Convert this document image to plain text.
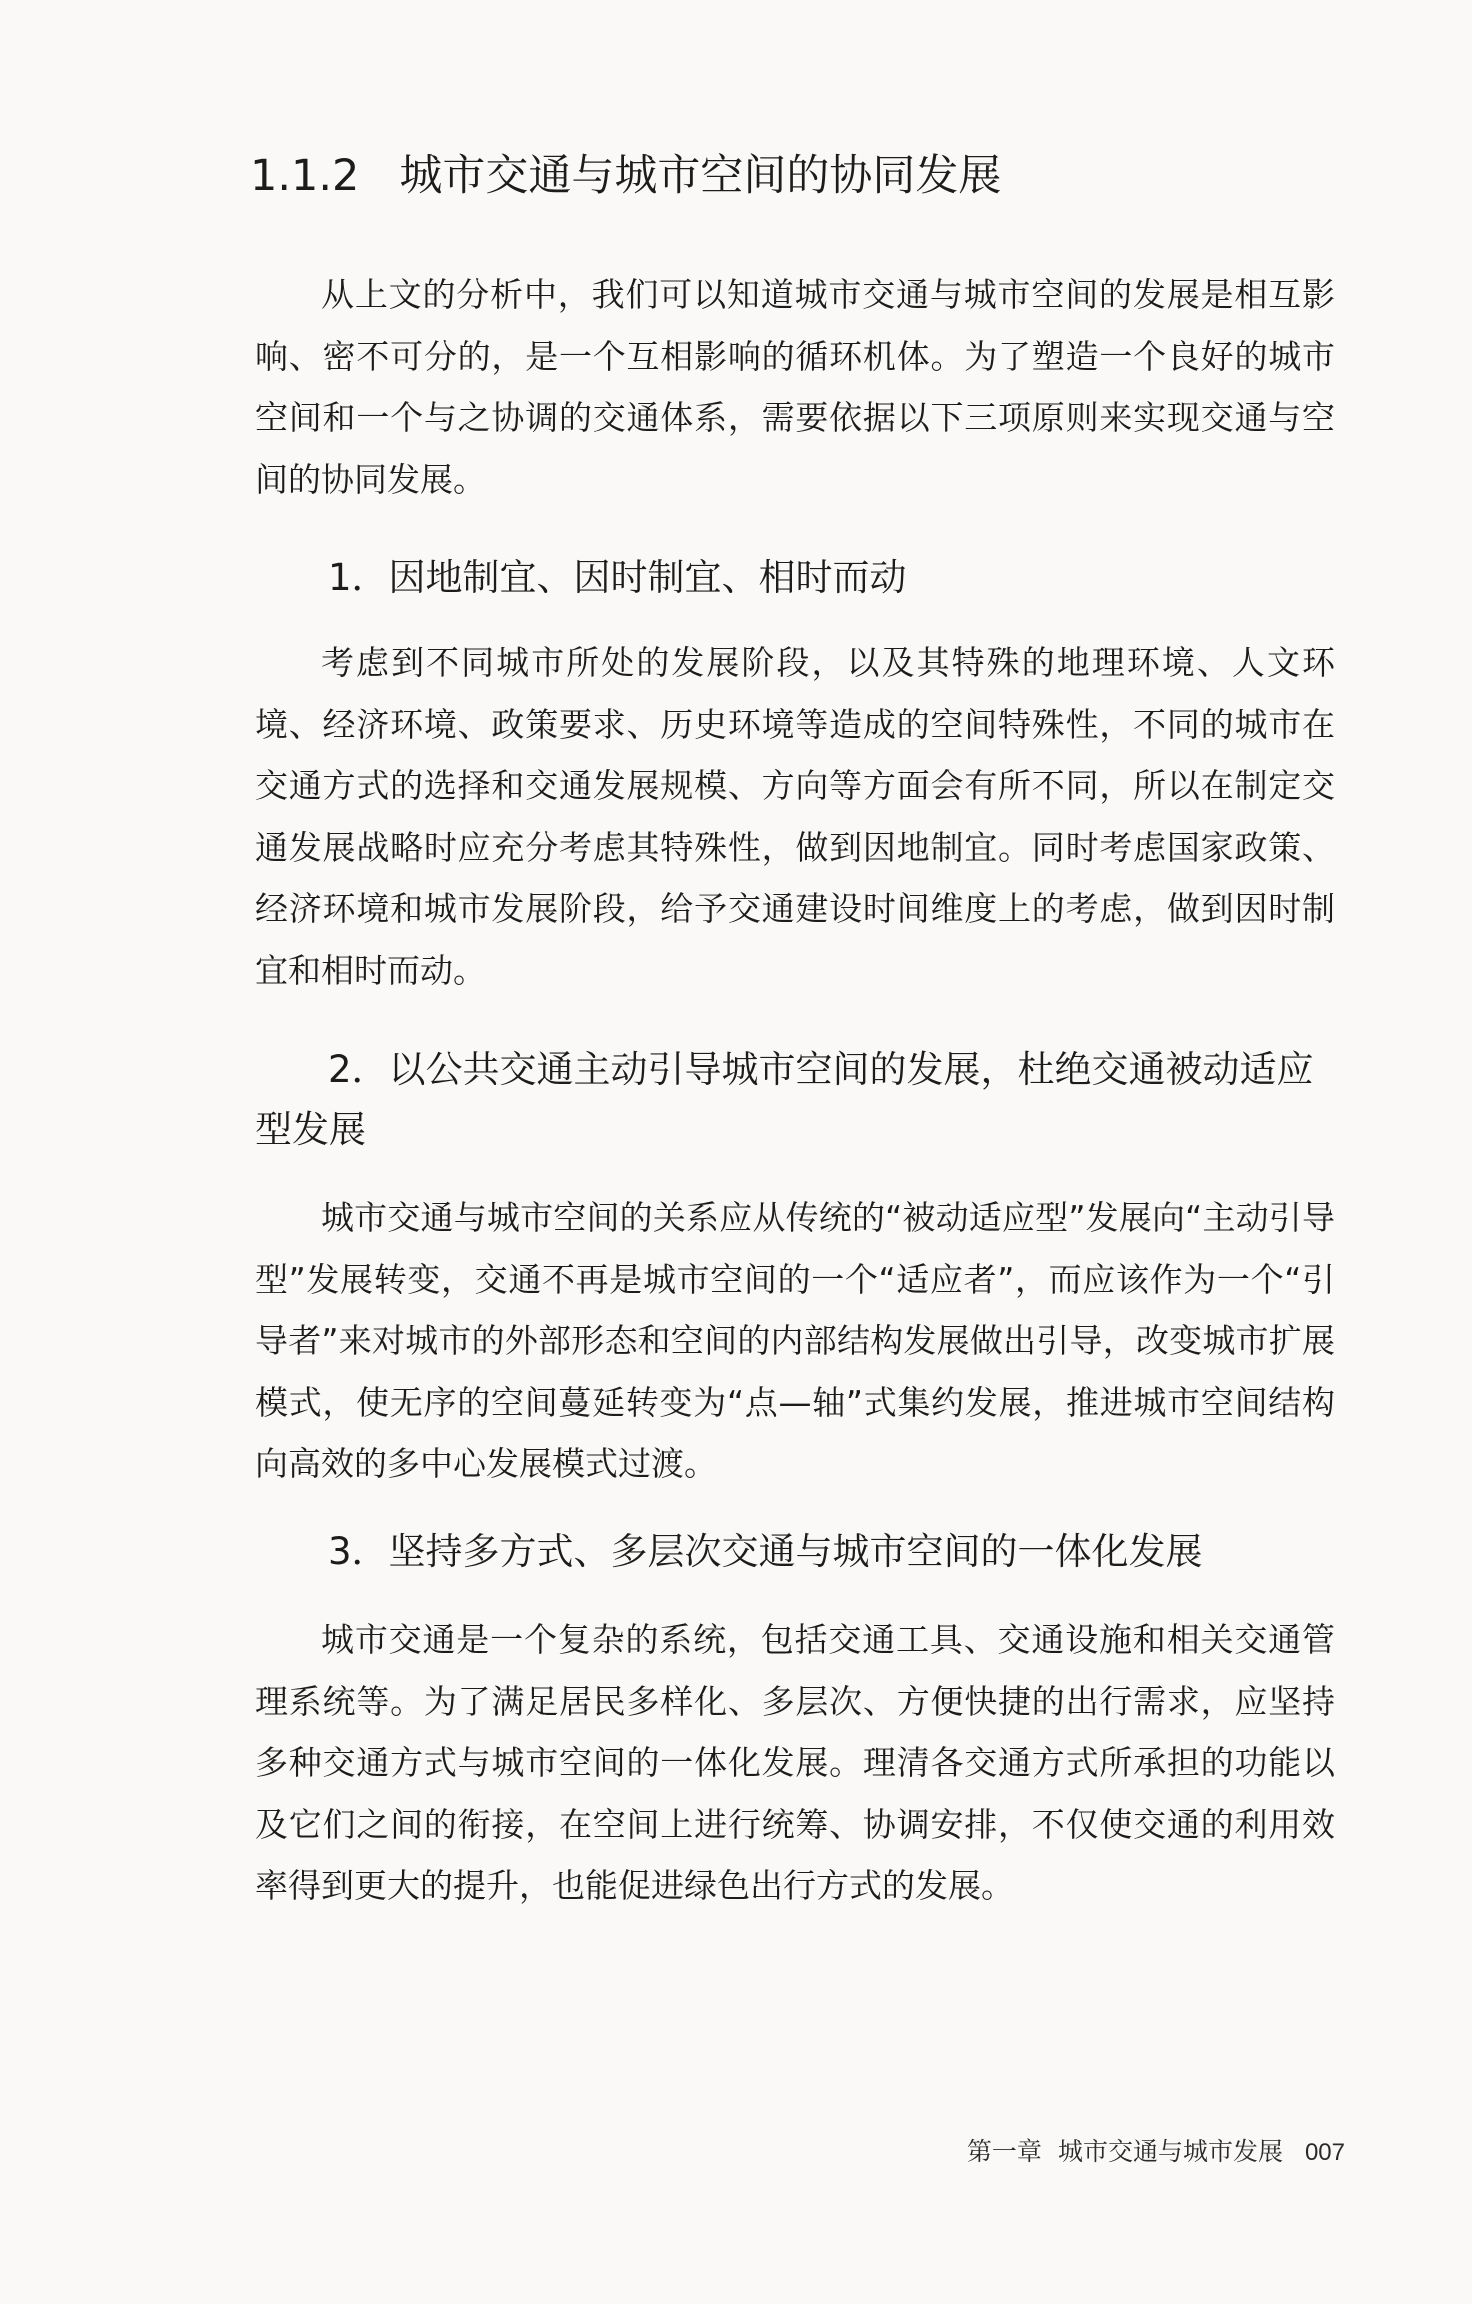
1.1.2 城市交通与城市空间的协同发展

从上文的分析中，我们可以知道城市交通与城市空间的发展是相互影响、密不可分的，是一个互相影响的循环机体。为了塑造一个良好的城市空间和一个与之协调的交通体系，需要依据以下三项原则来实现交通与空间的协同发展。

1．因地制宜、因时制宜、相时而动

考虑到不同城市所处的发展阶段，以及其特殊的地理环境、人文环境、经济环境、政策要求、历史环境等造成的空间特殊性，不同的城市在交通方式的选择和交通发展规模、方向等方面会有所不同，所以在制定交通发展战略时应充分考虑其特殊性，做到因地制宜。同时考虑国家政策、经济环境和城市发展阶段，给予交通建设时间维度上的考虑，做到因时制宜和相时而动。

2．以公共交通主动引导城市空间的发展，杜绝交通被动适应型发展

城市交通与城市空间的关系应从传统的“被动适应型”发展向“主动引导型”发展转变，交通不再是城市空间的一个“适应者”，而应该作为一个“引导者”来对城市的外部形态和空间的内部结构发展做出引导，改变城市扩展模式，使无序的空间蔓延转变为“点—轴”式集约发展，推进城市空间结构向高效的多中心发展模式过渡。

3．坚持多方式、多层次交通与城市空间的一体化发展

城市交通是一个复杂的系统，包括交通工具、交通设施和相关交通管理系统等。为了满足居民多样化、多层次、方便快捷的出行需求，应坚持多种交通方式与城市空间的一体化发展。理清各交通方式所承担的功能以及它们之间的衔接，在空间上进行统筹、协调安排，不仅使交通的利用效率得到更大的提升，也能促进绿色出行方式的发展。

第一章 城市交通与城市发展 007
